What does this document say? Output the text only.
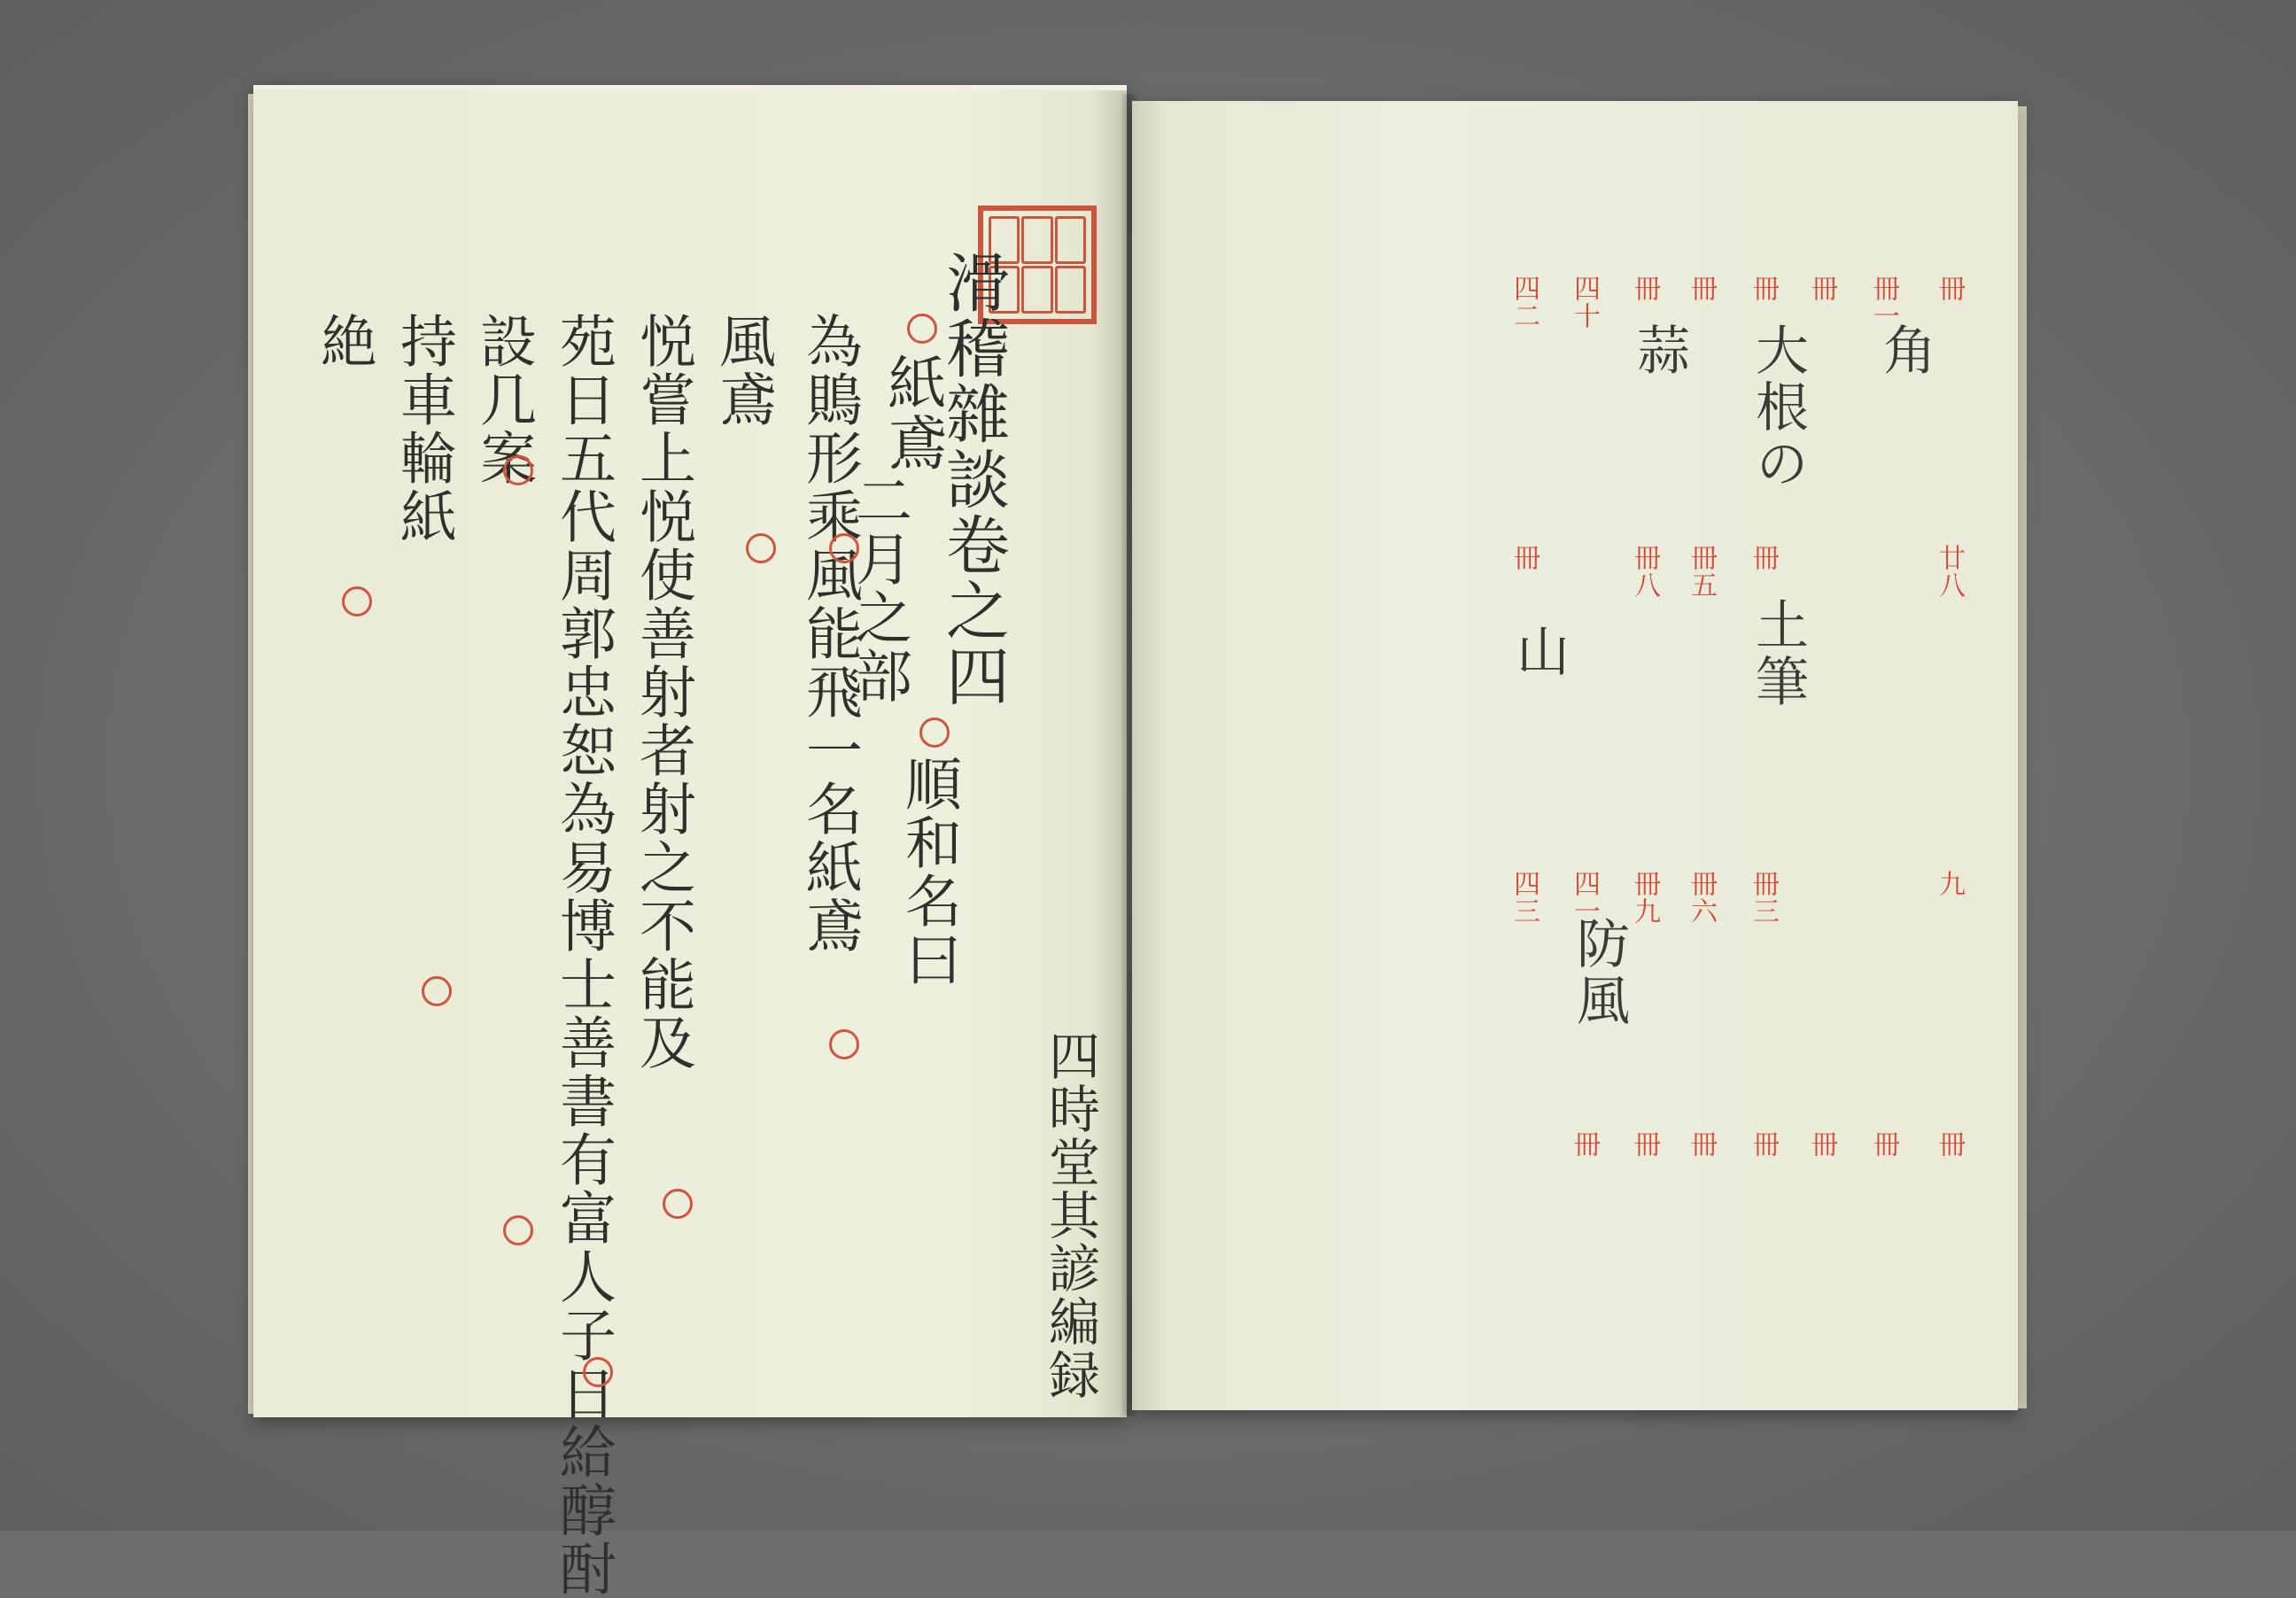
滑稽雜談卷之四
二月之部
四時堂其諺編録
紙鳶
順和名曰
為鵙形乘風能飛一名紙鳶
風鳶
悦嘗上悦使善射者射之不能及
苑日五代周郭忠恕為易博士善書有富人子日給醇酎
設几案
持車輪紙
絶
冊
冊一
冊
冊
冊
冊
四十
四二
角
大根の
蒜
廿八
冊
冊五
冊八
冊
土筆
山
九
冊三
冊六
冊九
四一
四三
防風
冊
冊
冊
冊
冊
冊
冊
